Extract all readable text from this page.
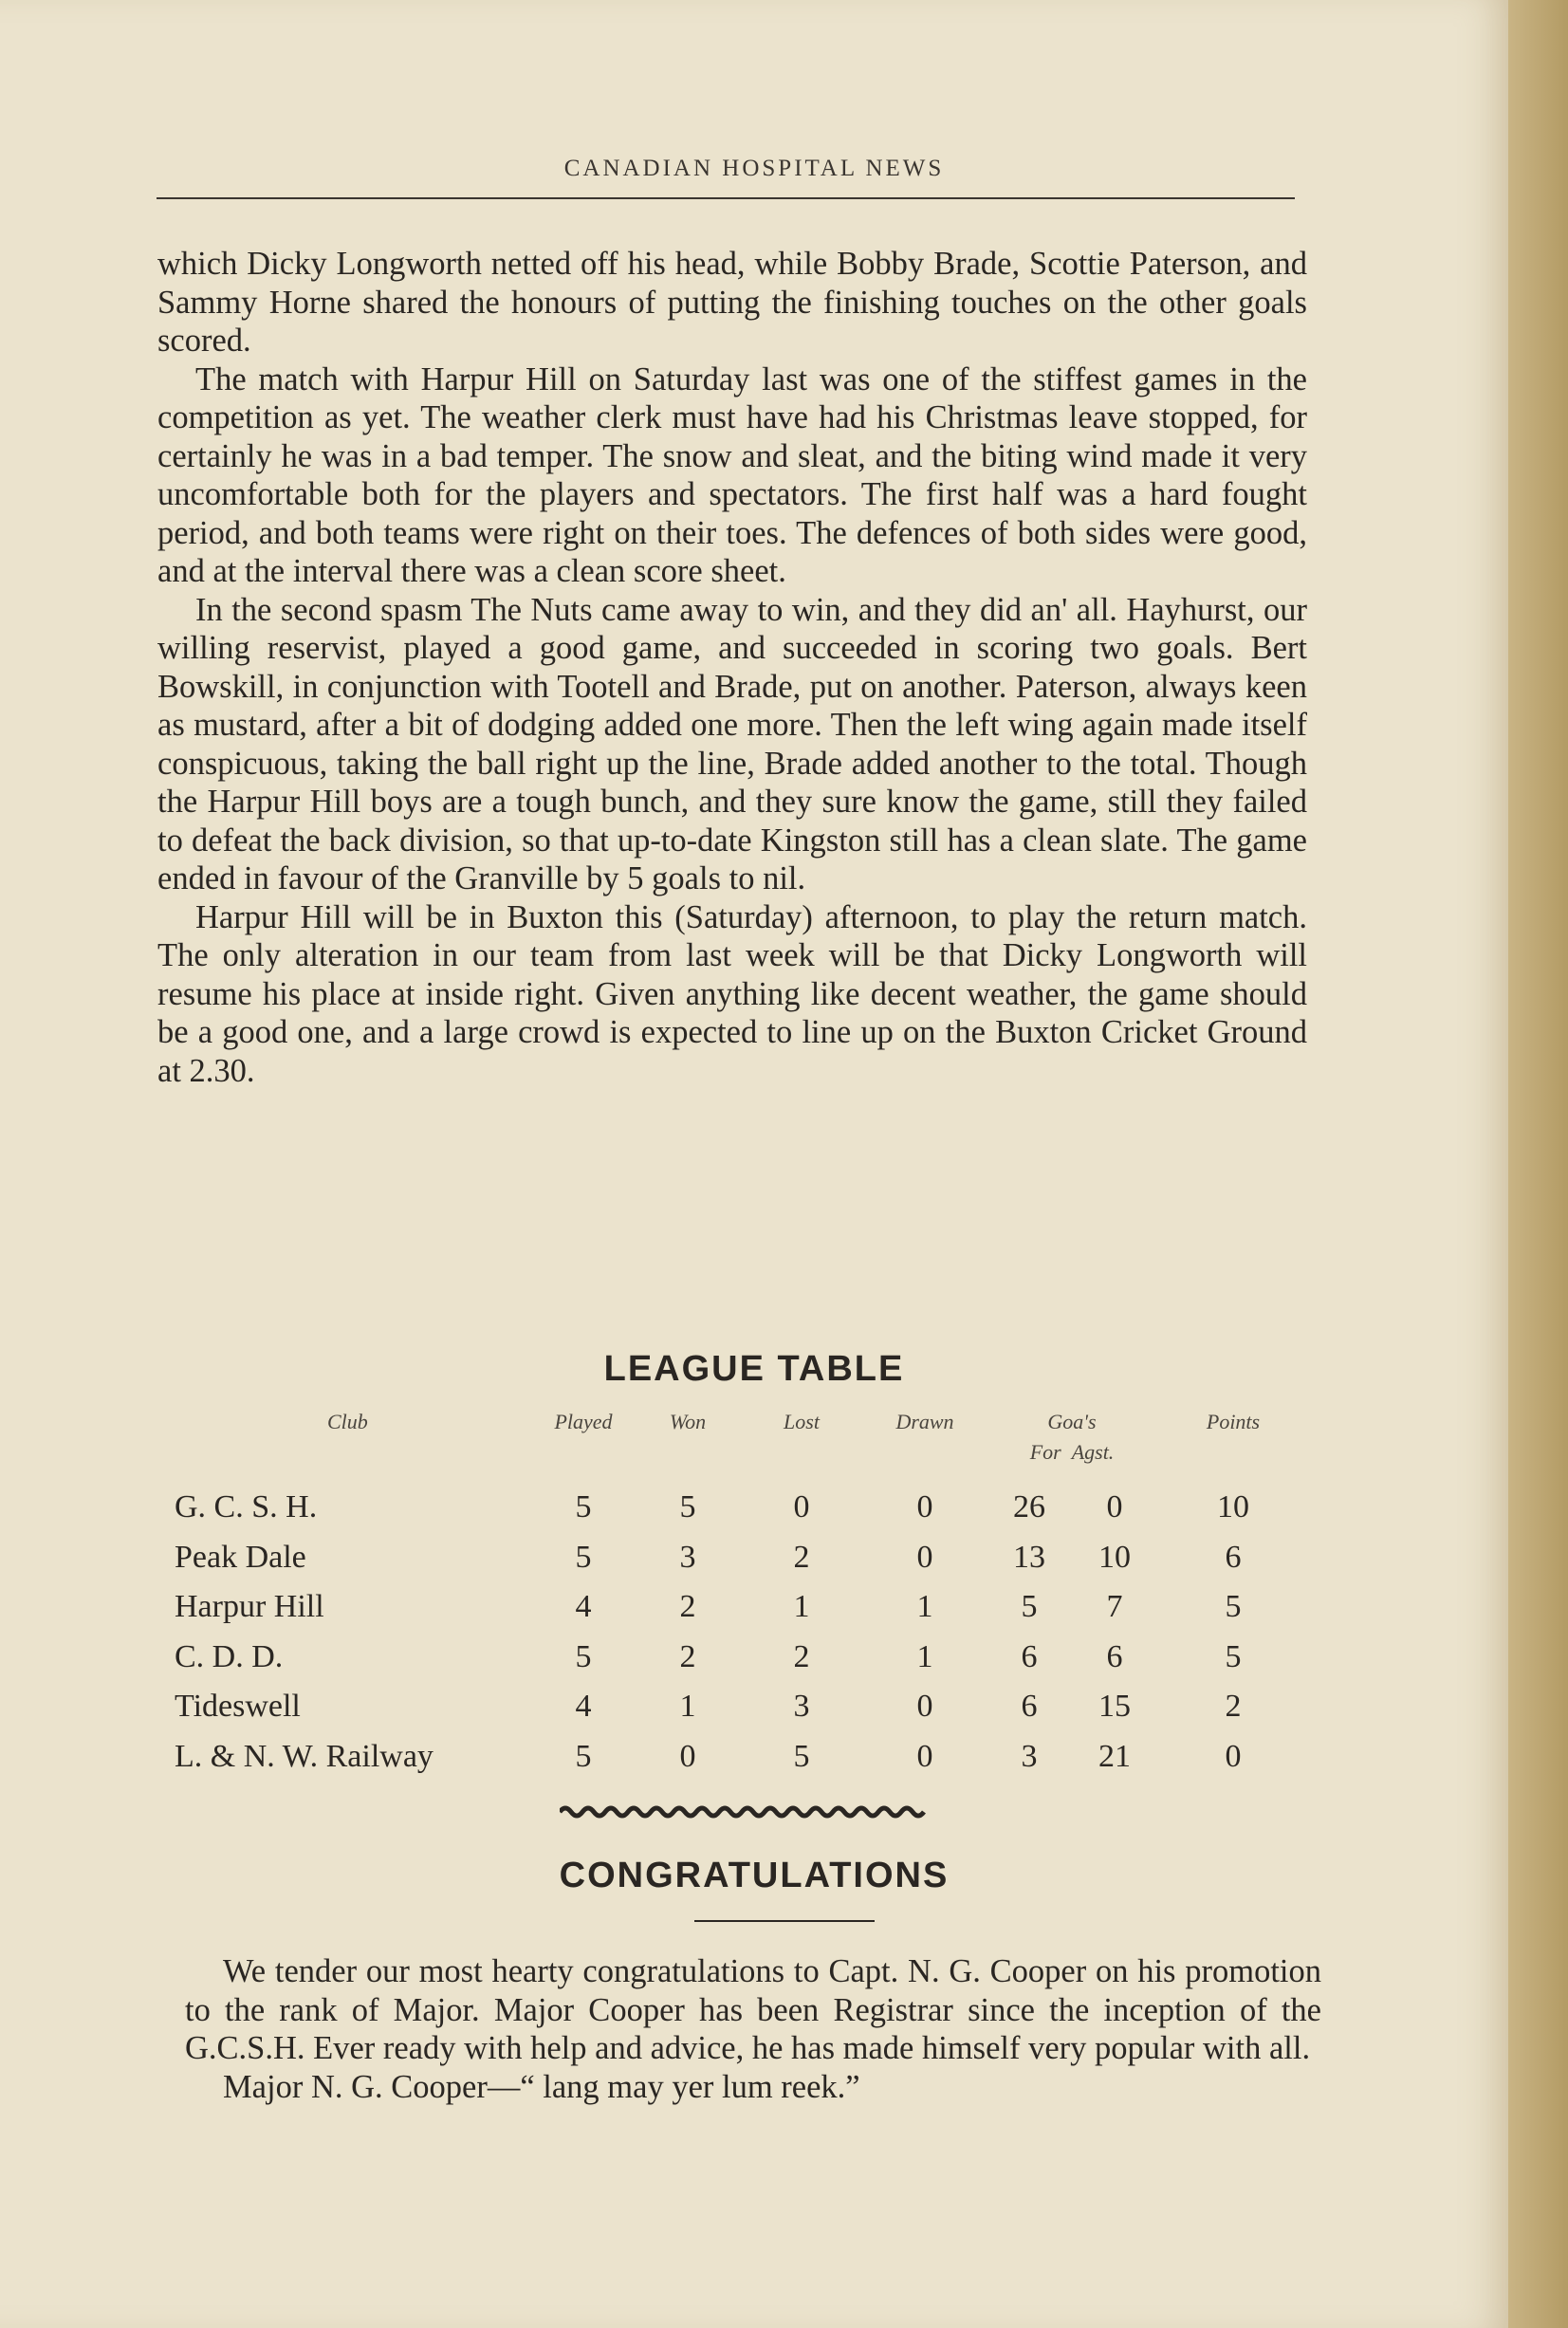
CANADIAN HOSPITAL NEWS

which Dicky Longworth netted off his head, while Bobby Brade, Scottie Paterson, and Sammy Horne shared the honours of putting the finishing touches on the other goals scored.

The match with Harpur Hill on Saturday last was one of the stiffest games in the competition as yet. The weather clerk must have had his Christmas leave stopped, for certainly he was in a bad temper. The snow and sleat, and the biting wind made it very uncomfortable both for the players and spectators. The first half was a hard fought period, and both teams were right on their toes. The defences of both sides were good, and at the interval there was a clean score sheet.

In the second spasm The Nuts came away to win, and they did an' all. Hayhurst, our willing reservist, played a good game, and succeeded in scoring two goals. Bert Bowskill, in conjunction with Tootell and Brade, put on another. Paterson, always keen as mustard, after a bit of dodging added one more. Then the left wing again made itself conspicuous, taking the ball right up the line, Brade added another to the total. Though the Harpur Hill boys are a tough bunch, and they sure know the game, still they failed to defeat the back division, so that up-to-date Kingston still has a clean slate. The game ended in favour of the Granville by 5 goals to nil.

Harpur Hill will be in Buxton this (Saturday) afternoon, to play the return match. The only alteration in our team from last week will be that Dicky Longworth will resume his place at inside right. Given anything like decent weather, the game should be a good one, and a large crowd is expected to line up on the Buxton Cricket Ground at 2.30.

LEAGUE TABLE
Club	Played	Won	Lost	Drawn	Goa's
For Agst.		Points
G. C. S. H.	5	5	0	0	26	0	10
Peak Dale	5	3	2	0	13	10	6
Harpur Hill	4	2	1	1	5	7	5
C. D. D.	5	2	2	1	6	6	5
Tideswell	4	1	3	0	6	15	2
L. & N. W. Railway	5	0	5	0	3	21	0
CONGRATULATIONS

We tender our most hearty congratulations to Capt. N. G. Cooper on his promotion to the rank of Major. Major Cooper has been Registrar since the inception of the G.C.S.H. Ever ready with help and advice, he has made himself very popular with all.

Major N. G. Cooper—“ lang may yer lum reek.”
